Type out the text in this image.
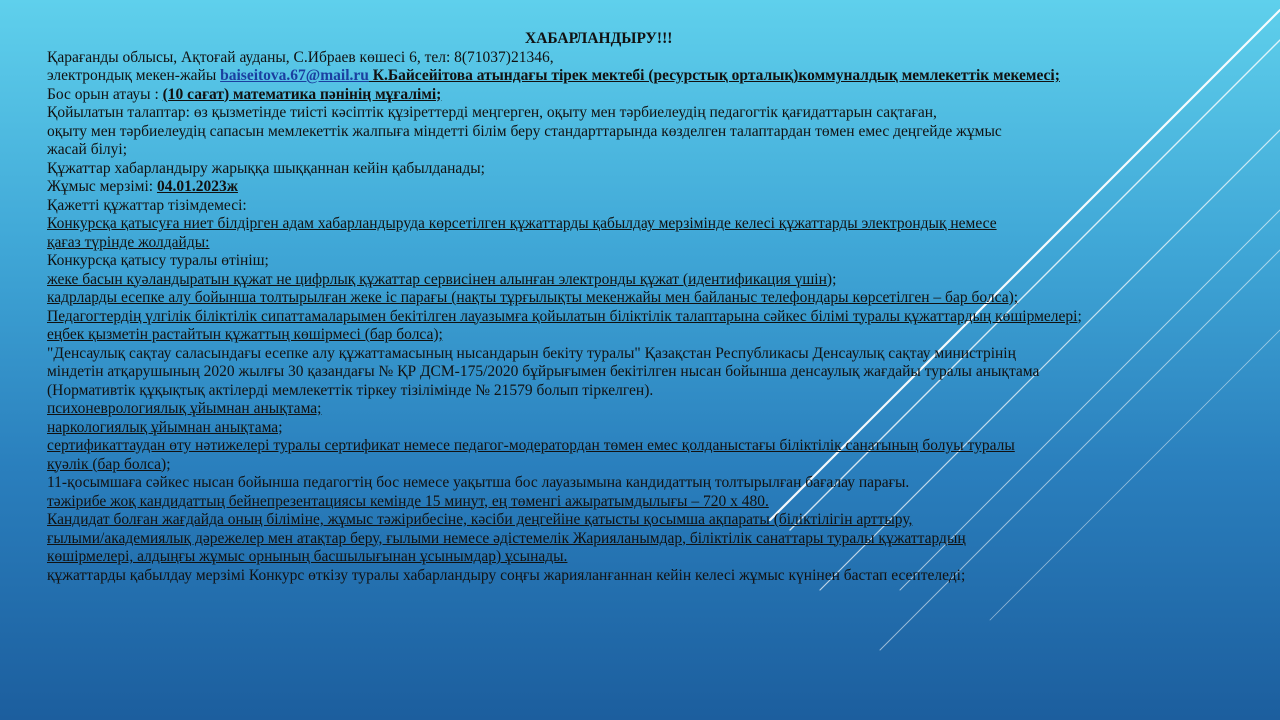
ХАБАРЛАНДЫРУ!!!
Қарағанды облысы, Ақтоғай ауданы, С.Ибраев көшесі 6, тел: 8(71037)21346,
электрондық мекен-жайы baiseitova.67@mail.ru К.Байсейітова атындағы тірек мектебі (ресурстық орталық)коммуналдық мемлекеттік мекемесі;
Бос орын атауы : (10 сағат) математика пәнінің мұғалімі;
Қойылатын талаптар: өз қызметінде тиісті кәсіптік құзіреттерді меңгерген, оқыту мен тәрбиелеудің педагогтік қағидаттарын сақтаған,
оқыту мен тәрбиелеудің сапасын мемлекеттік жалпыға міндетті білім беру стандарттарында көзделген талаптардан төмен емес деңгейде жұмыс
жасай білуі;
Құжаттар хабарландыру жарыққа шыққаннан кейін қабылданады;
Жұмыс мерзімі: 04.01.2023ж
Қажетті құжаттар тізімдемесі:
Конкурсқа қатысуға ниет білдірген адам хабарландыруда көрсетілген құжаттарды қабылдау мерзімінде келесі құжаттарды электрондық немесе
қағаз түрінде жолдайды:
Конкурсқа қатысу туралы өтініш;
жеке басын куәландыратын құжат не цифрлық құжаттар сервисінен алынған электронды құжат (идентификация үшін);
кадрларды есепке алу бойынша толтырылған жеке іс парағы (нақты тұрғылықты мекенжайы мен байланыс телефондары көрсетілген – бар болса);
Педагогтердің үлгілік біліктілік сипаттамаларымен бекітілген лауазымға қойылатын біліктілік талаптарына сәйкес білімі туралы құжаттардың көшірмелері;
еңбек қызметін растайтын құжаттың көшірмесі (бар болса);
"Денсаулық сақтау саласындағы есепке алу құжаттамасының нысандарын бекіту туралы" Қазақстан Республикасы Денсаулық сақтау министрінің
міндетін атқарушының 2020 жылғы 30 қазандағы № ҚР ДСМ-175/2020 бұйрығымен бекітілген нысан бойынша денсаулық жағдайы туралы анықтама
(Нормативтік құқықтық актілерді мемлекеттік тіркеу тізілімінде № 21579 болып тіркелген).
психоневрологиялық ұйымнан анықтама;
наркологиялық ұйымнан анықтама;
сертификаттаудан өту нәтижелері туралы сертификат немесе педагог-модератордан төмен емес қолданыстағы біліктілік санатының болуы туралы
куәлік (бар болса);
11-қосымшаға сәйкес нысан бойынша педагогтің бос немесе уақытша бос лауазымына кандидаттың толтырылған бағалау парағы.
тәжірибе жоқ кандидаттың бейнепрезентациясы кемінде 15 минут, ең төменгі ажыратымдылығы – 720 x 480.
Кандидат болған жағдайда оның біліміне, жұмыс тәжірибесіне, кәсіби деңгейіне қатысты қосымша ақпараты (біліктілігін арттыру,
ғылыми/академиялық дәрежелер мен атақтар беру, ғылыми немесе әдістемелік Жарияланымдар, біліктілік санаттары туралы құжаттардың
көшірмелері, алдыңғы жұмыс орнының басшылығынан ұсынымдар) ұсынады.
құжаттарды қабылдау мерзімі Конкурс өткізу туралы хабарландыру соңғы жарияланғаннан кейін келесі жұмыс күнінен бастап есептеледі;
